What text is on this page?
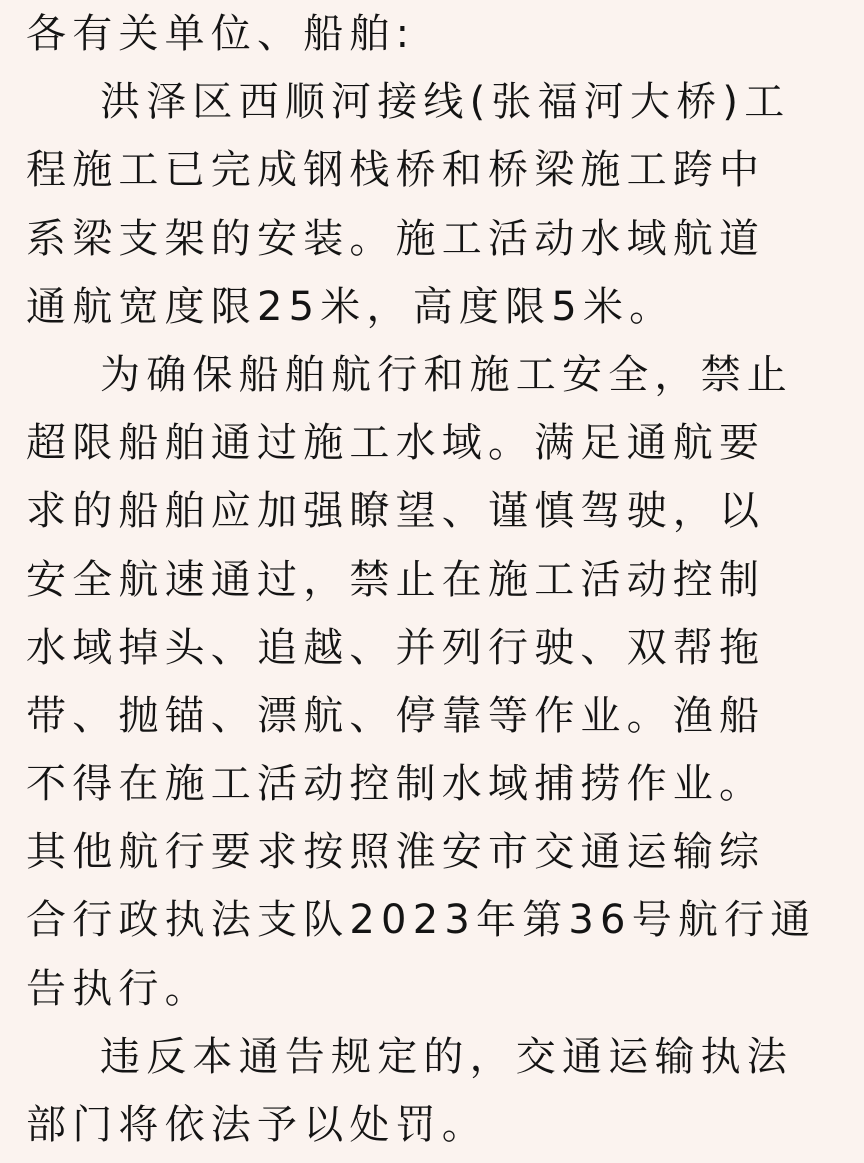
各有关单位、船舶:
洪泽区西顺河接线(张福河大桥)工
程施工已完成钢栈桥和桥梁施工跨中
系梁支架的安装。施工活动水域航道
通航宽度限25米，高度限5米。
为确保船舶航行和施工安全，禁止
超限船舶通过施工水域。满足通航要
求的船舶应加强瞭望、谨慎驾驶，以
安全航速通过，禁止在施工活动控制
水域掉头、追越、并列行驶、双帮拖
带、抛锚、漂航、停靠等作业。渔船
不得在施工活动控制水域捕捞作业。
其他航行要求按照淮安市交通运输综
合行政执法支队2023年第36号航行通
告执行。
违反本通告规定的，交通运输执法
部门将依法予以处罚。
